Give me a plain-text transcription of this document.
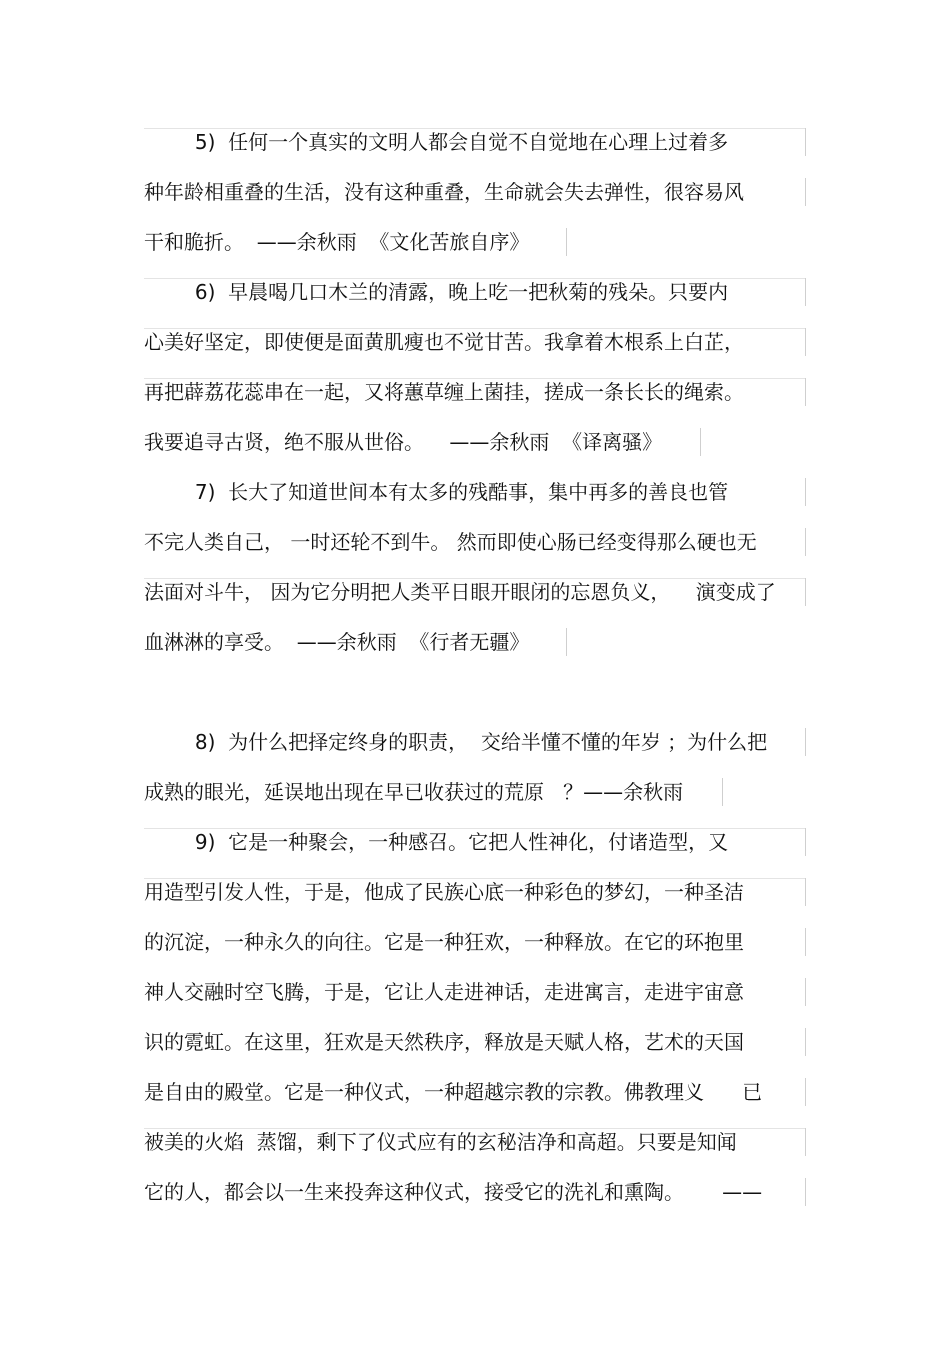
5)  任何一个真实的文明人都会自觉不自觉地在心理上过着多
种年龄相重叠的生活，没有这种重叠，生命就会失去弹性，很容易风
干和脆折。  ——余秋雨  《文化苦旅自序》
6)  早晨喝几口木兰的清露，晚上吃一把秋菊的残朵。只要内
心美好坚定，即使便是面黄肌瘦也不觉甘苦。我拿着木根系上白芷，
再把薜荔花蕊串在一起，又将蕙草缠上菌挂，搓成一条长长的绳索。
我要追寻古贤，绝不服从世俗。    ——余秋雨  《译离骚》
7)  长大了知道世间本有太多的残酷事，集中再多的善良也管
不完人类自己， 一时还轮不到牛。 然而即使心肠已经变得那么硬也无
法面对斗牛， 因为它分明把人类平日眼开眼闭的忘恩负义，    演变成了
血淋淋的享受。  ——余秋雨  《行者无疆》
8)  为什么把择定终身的职责，  交给半懂不懂的年岁 ；为什么把
成熟的眼光，延误地出现在早已收获过的荒原   ？——余秋雨
9)  它是一种聚会，一种感召。它把人性神化，付诸造型，又
用造型引发人性，于是，他成了民族心底一种彩色的梦幻，一种圣洁
的沉淀，一种永久的向往。它是一种狂欢，一种释放。在它的环抱里
神人交融时空飞腾，于是，它让人走进神话，走进寓言，走进宇宙意
识的霓虹。在这里，狂欢是天然秩序，释放是天赋人格，艺术的天国
是自由的殿堂。它是一种仪式，一种超越宗教的宗教。佛教理义      已
被美的火焰  蒸馏，剩下了仪式应有的玄秘洁净和高超。只要是知闻
它的人，都会以一生来投奔这种仪式，接受它的洗礼和熏陶。      ——
